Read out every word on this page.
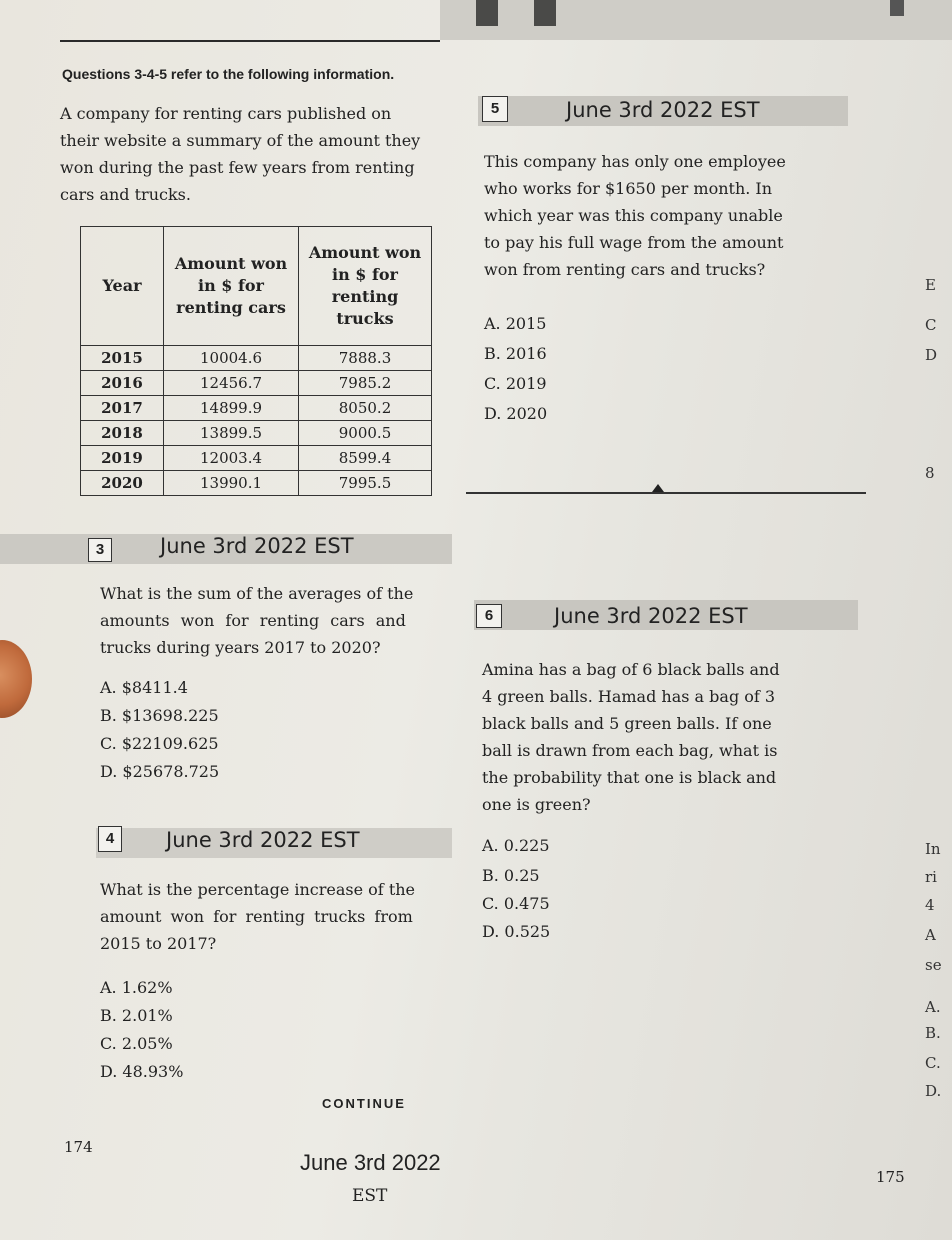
Questions 3-4-5 refer to the following information.
A company for renting cars published on
their website a summary of the amount they
won during the past few years from renting
cars and trucks.
Year	Amount won in $ for renting cars	Amount won in $ for renting trucks
2015	10004.6	7888.3
2016	12456.7	7985.2
2017	14899.9	8050.2
2018	13899.5	9000.5
2019	12003.4	8599.4
2020	13990.1	7995.5
5	June 3rd 2022 EST
This company has only one employee
who works for $1650 per month. In
which year was this company unable
to pay his full wage from the amount
won from renting cars and trucks?
A. 2015
B. 2016
C. 2019
D. 2020
3	June 3rd 2022 EST
What is the sum of the averages of the
amounts won for renting cars and
trucks during years 2017 to 2020?
A. $8411.4
B. $13698.225
C. $22109.625
D. $25678.725
6	June 3rd 2022 EST
Amina has a bag of 6 black balls and
4 green balls. Hamad has a bag of 3
black balls and 5 green balls. If one
ball is drawn from each bag, what is
the probability that one is black and
one is green?
A. 0.225
B. 0.25
C. 0.475
D. 0.525
4	June 3rd 2022 EST
What is the percentage increase of the
amount won for renting trucks from
2015 to 2017?
A. 1.62%
B. 2.01%
C. 2.05%
D. 48.93%
CONTINUE
174
175
June 3rd 2022
EST
E
C
D
8
In
ri
4
A
se
A.
B.
C.
D.
